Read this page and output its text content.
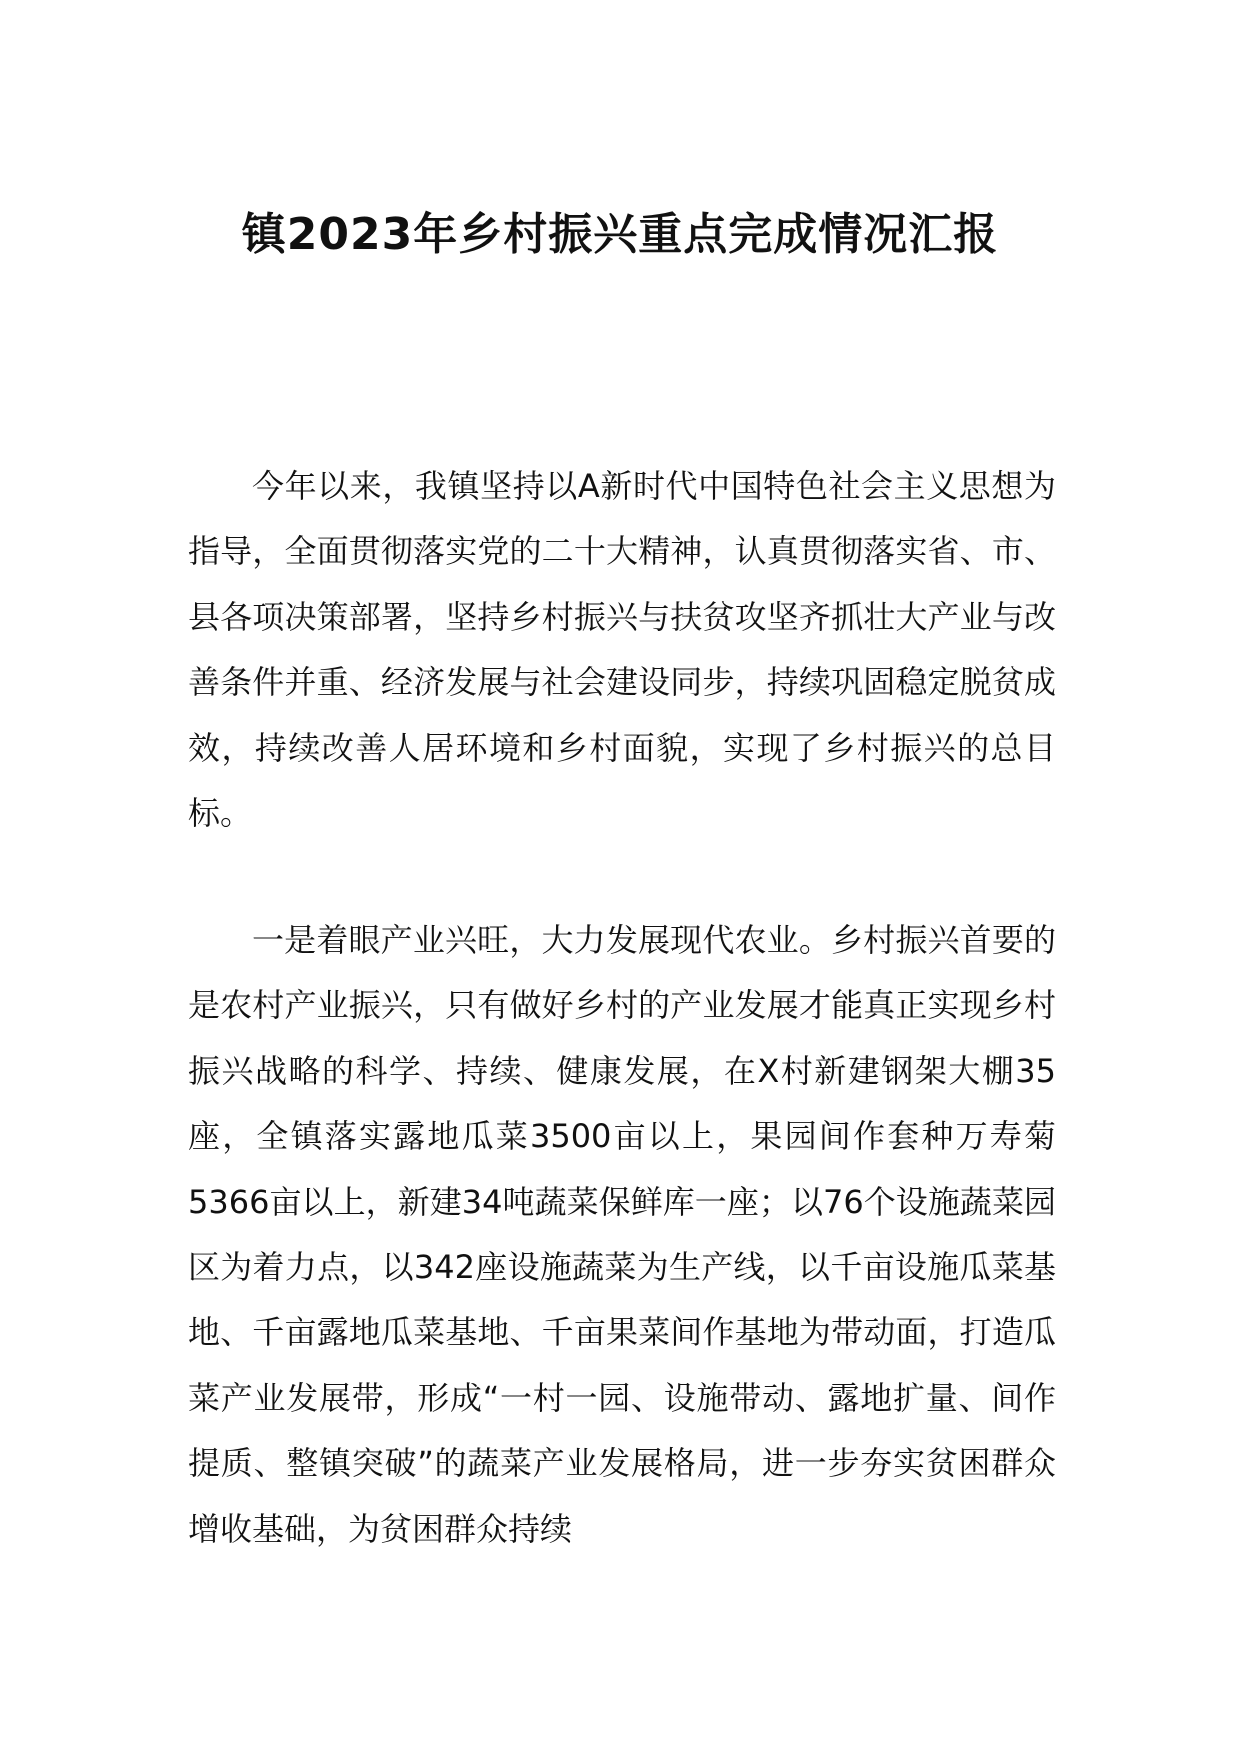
镇2023年乡村振兴重点完成情况汇报
今年以来，我镇坚持以A新时代中国特色社会主义思想为指导，全面贯彻落实党的二十大精神，认真贯彻落实省、市、县各项决策部署，坚持乡村振兴与扶贫攻坚齐抓壮大产业与改善条件并重、经济发展与社会建设同步，持续巩固稳定脱贫成效，持续改善人居环境和乡村面貌，实现了乡村振兴的总目标。
一是着眼产业兴旺，大力发展现代农业。乡村振兴首要的是农村产业振兴，只有做好乡村的产业发展才能真正实现乡村振兴战略的科学、持续、健康发展，在X村新建钢架大棚35座，全镇落实露地瓜菜3500亩以上，果园间作套种万寿菊5366亩以上，新建34吨蔬菜保鲜库一座；以76个设施蔬菜园区为着力点，以342座设施蔬菜为生产线，以千亩设施瓜菜基地、千亩露地瓜菜基地、千亩果菜间作基地为带动面，打造瓜菜产业发展带，形成“一村一园、设施带动、露地扩量、间作提质、整镇突破”的蔬菜产业发展格局，进一步夯实贫困群众增收基础，为贫困群众持续
